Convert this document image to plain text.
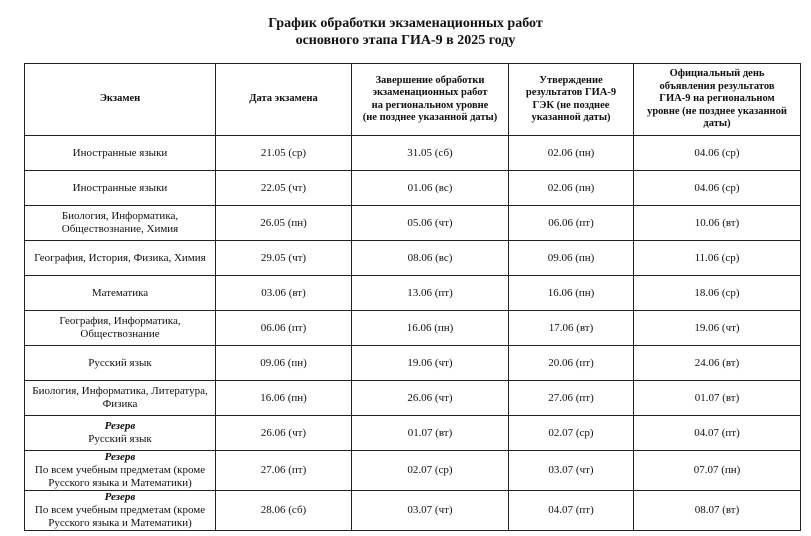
График обработки экзаменационных работ
основного этапа ГИА-9 в 2025 году
Экзамен	Дата экзамена	Завершение обработки
экзаменационных работ
на региональном уровне
(не позднее указанной даты)	Утверждение
результатов ГИА-9
ГЭК (не позднее
указанной даты)	Официальный день
объявления результатов
ГИА-9 на региональном
уровне (не позднее указанной
даты)

Иностранные языки	21.05 (ср)	31.05 (сб)	02.06 (пн)	04.06 (ср)

Иностранные языки	22.05 (чт)	01.06 (вс)	02.06 (пн)	04.06 (ср)

Биология, Информатика,
Обществознание, Химия	26.05 (пн)	05.06 (чт)	06.06 (пт)	10.06 (вт)

География, История, Физика, Химия	29.05 (чт)	08.06 (вс)	09.06 (пн)	11.06 (ср)

Математика	03.06 (вт)	13.06 (пт)	16.06 (пн)	18.06 (ср)

География, Информатика,
Обществознание	06.06 (пт)	16.06 (пн)	17.06 (вт)	19.06 (чт)

Русский язык	09.06 (пн)	19.06 (чт)	20.06 (пт)	24.06 (вт)

Биология, Информатика, Литература,
Физика	16.06 (пн)	26.06 (чт)	27.06 (пт)	01.07 (вт)

Резерв
Русский язык	26.06 (чт)	01.07 (вт)	02.07 (ср)	04.07 (пт)

Резерв
По всем учебным предметам (кроме
Русского языка и Математики)	27.06 (пт)	02.07 (ср)	03.07 (чт)	07.07 (пн)

Резерв
По всем учебным предметам (кроме
Русского языка и Математики)	28.06 (сб)	03.07 (чт)	04.07 (пт)	08.07 (вт)
